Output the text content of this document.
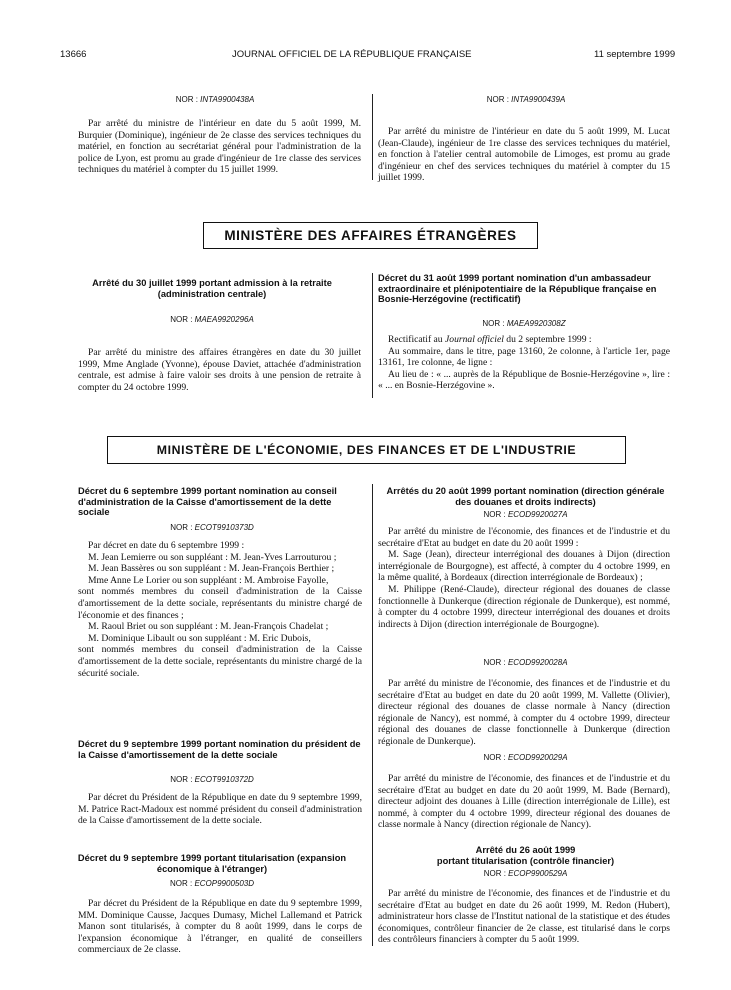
13666	JOURNAL OFFICIEL DE LA RÉPUBLIQUE FRANÇAISE	11 septembre 1999
NOR : INTA9900438A

Par arrêté du ministre de l'intérieur en date du 5 août 1999, M. Burquier (Dominique), ingénieur de 2e classe des services techniques du matériel, en fonction au secrétariat général pour l'administration de la police de Lyon, est promu au grade d'ingénieur de 1re classe des services techniques du matériel à compter du 15 juillet 1999.

NOR : INTA9900439A

Par arrêté du ministre de l'intérieur en date du 5 août 1999, M. Lucat (Jean-Claude), ingénieur de 1re classe des services techniques du matériel, en fonction à l'atelier central automobile de Limoges, est promu au grade d'ingénieur en chef des services techniques du matériel à compter du 15 juillet 1999.

MINISTÈRE DES AFFAIRES ÉTRANGÈRES
Arrêté du 30 juillet 1999 portant admission à la retraite (administration centrale)
NOR : MAEA9920296A

Par arrêté du ministre des affaires étrangères en date du 30 juillet 1999, Mme Anglade (Yvonne), épouse Daviet, attachée d'administration centrale, est admise à faire valoir ses droits à une pension de retraite à compter du 24 octobre 1999.

Décret du 31 août 1999 portant nomination d'un ambassadeur extraordinaire et plénipotentiaire de la République française en Bosnie-Herzégovine (rectificatif)
NOR : MAEA9920308Z

Rectificatif au Journal officiel du 2 septembre 1999 :

Au sommaire, dans le titre, page 13160, 2e colonne, à l'article 1er, page 13161, 1re colonne, 4e ligne :

Au lieu de : « ... auprès de la République de Bosnie-Herzégovine », lire : « ... en Bosnie-Herzégovine ».

MINISTÈRE DE L'ÉCONOMIE, DES FINANCES ET DE L'INDUSTRIE
Décret du 6 septembre 1999 portant nomination au conseil d'administration de la Caisse d'amortissement de la dette sociale
NOR : ECOT9910373D

Par décret en date du 6 septembre 1999 :

M. Jean Lemierre ou son suppléant : M. Jean-Yves Larrouturou ;

M. Jean Bassères ou son suppléant : M. Jean-François Berthier ;

Mme Anne Le Lorier ou son suppléant : M. Ambroise Fayolle,

sont nommés membres du conseil d'administration de la Caisse d'amortissement de la dette sociale, représentants du ministre chargé de l'économie et des finances ;

M. Raoul Briet ou son suppléant : M. Jean-François Chadelat ;

M. Dominique Libault ou son suppléant : M. Eric Dubois,

sont nommés membres du conseil d'administration de la Caisse d'amortissement de la dette sociale, représentants du ministre chargé de la sécurité sociale.

Décret du 9 septembre 1999 portant nomination du président de la Caisse d'amortissement de la dette sociale
NOR : ECOT9910372D

Par décret du Président de la République en date du 9 septembre 1999, M. Patrice Ract-Madoux est nommé président du conseil d'administration de la Caisse d'amortissement de la dette sociale.

Décret du 9 septembre 1999 portant titularisation (expansion économique à l'étranger)
NOR : ECOP9900503D

Par décret du Président de la République en date du 9 septembre 1999, MM. Dominique Causse, Jacques Dumasy, Michel Lallemand et Patrick Manon sont titularisés, à compter du 8 août 1999, dans le corps de l'expansion économique à l'étranger, en qualité de conseillers commerciaux de 2e classe.

Arrêtés du 20 août 1999 portant nomination (direction générale des douanes et droits indirects)
NOR : ECOD9920027A

Par arrêté du ministre de l'économie, des finances et de l'industrie et du secrétaire d'Etat au budget en date du 20 août 1999 :

M. Sage (Jean), directeur interrégional des douanes à Dijon (direction interrégionale de Bourgogne), est affecté, à compter du 4 octobre 1999, en la même qualité, à Bordeaux (direction interrégionale de Bordeaux) ;

M. Philippe (René-Claude), directeur régional des douanes de classe fonctionnelle à Dunkerque (direction régionale de Dunkerque), est nommé, à compter du 4 octobre 1999, directeur interrégional des douanes et droits indirects à Dijon (direction interrégionale de Bourgogne).

NOR : ECOD9920028A

Par arrêté du ministre de l'économie, des finances et de l'industrie et du secrétaire d'Etat au budget en date du 20 août 1999, M. Vallette (Olivier), directeur régional des douanes de classe normale à Nancy (direction régionale de Nancy), est nommé, à compter du 4 octobre 1999, directeur régional des douanes de classe fonctionnelle à Dunkerque (direction régionale de Dunkerque).

NOR : ECOD9920029A

Par arrêté du ministre de l'économie, des finances et de l'industrie et du secrétaire d'Etat au budget en date du 20 août 1999, M. Bade (Bernard), directeur adjoint des douanes à Lille (direction interrégionale de Lille), est nommé, à compter du 4 octobre 1999, directeur régional des douanes de classe normale à Nancy (direction régionale de Nancy).

Arrêté du 26 août 1999
portant titularisation (contrôle financier)
NOR : ECOP9900529A

Par arrêté du ministre de l'économie, des finances et de l'industrie et du secrétaire d'Etat au budget en date du 26 août 1999, M. Redon (Hubert), administrateur hors classe de l'Institut national de la statistique et des études économiques, contrôleur financier de 2e classe, est titularisé dans le corps des contrôleurs financiers à compter du 5 août 1999.
